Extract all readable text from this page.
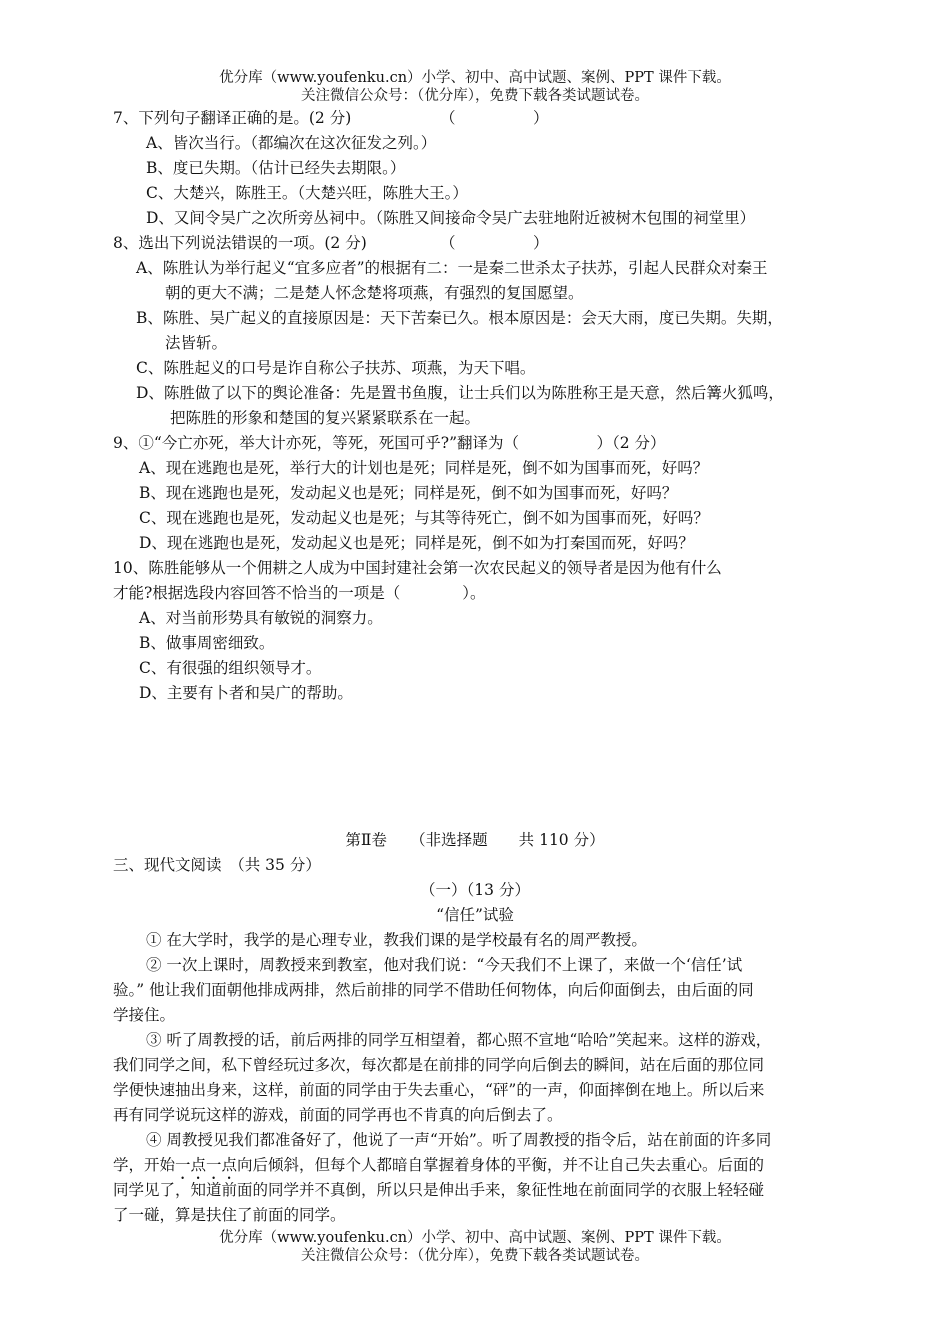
优分库（www.youfenku.cn）小学、初中、高中试题、案例、PPT 课件下载。
关注微信公众号：（优分库），免费下载各类试题试卷。
7、下列句子翻译正确的是。(2 分)	（　　　　　）
A、皆次当行。（都编次在这次征发之列。）
B、度已失期。（估计已经失去期限。）
C、大楚兴，陈胜王。（大楚兴旺，陈胜大王。）
D、又间令吴广之次所旁丛祠中。（陈胜又间接命令吴广去驻地附近被树木包围的祠堂里）
8、选出下列说法错误的一项。(2 分)	（　　　　　）
A、陈胜认为举行起义“宜多应者”的根据有二：一是秦二世杀太子扶苏，引起人民群众对秦王
朝的更大不满；二是楚人怀念楚将项燕，有强烈的复国愿望。
B、陈胜、吴广起义的直接原因是：天下苦秦已久。根本原因是：会天大雨，度已失期。失期，
法皆斩。
C、陈胜起义的口号是诈自称公子扶苏、项燕，为天下唱。
D、陈胜做了以下的舆论准备：先是置书鱼腹，让士兵们以为陈胜称王是天意，然后篝火狐鸣，
把陈胜的形象和楚国的复兴紧紧联系在一起。
9、①“今亡亦死，举大计亦死，等死，死国可乎?”翻译为（　　　　　）（2 分）
A、现在逃跑也是死，举行大的计划也是死；同样是死，倒不如为国事而死，好吗？
B、现在逃跑也是死，发动起义也是死；同样是死，倒不如为国事而死，好吗？
C、现在逃跑也是死，发动起义也是死；与其等待死亡，倒不如为国事而死，好吗？
D、现在逃跑也是死，发动起义也是死；同样是死，倒不如为打秦国而死，好吗？
10、陈胜能够从一个佣耕之人成为中国封建社会第一次农民起义的领导者是因为他有什么
才能?根据选段内容回答不恰当的一项是（　　　　）。
A、对当前形势具有敏锐的洞察力。
B、做事周密细致。
C、有很强的组织领导才。
D、主要有卜者和吴广的帮助。
第Ⅱ卷　　（非选择题　　共 110 分）
三、现代文阅读　（共 35 分）
（一）（13 分）
“信任”试验
① 在大学时，我学的是心理专业，教我们课的是学校最有名的周严教授。
② 一次上课时，周教授来到教室，他对我们说：“今天我们不上课了，来做一个‘信任’试
验。” 他让我们面朝他排成两排，然后前排的同学不借助任何物体，向后仰面倒去，由后面的同
学接住。
③ 听了周教授的话，前后两排的同学互相望着，都心照不宣地“哈哈”笑起来。这样的游戏，
我们同学之间，私下曾经玩过多次，每次都是在前排的同学向后倒去的瞬间，站在后面的那位同
学便快速抽出身来，这样，前面的同学由于失去重心，“砰”的一声，仰面摔倒在地上。所以后来
再有同学说玩这样的游戏，前面的同学再也不肯真的向后倒去了。
④ 周教授见我们都准备好了，他说了一声“开始”。听了周教授的指令后，站在前面的许多同
学，开始一点一点向后倾斜，但每个人都暗自掌握着身体的平衡，并不让自己失去重心。后面的
同学见了，知道前面的同学并不真倒，所以只是伸出手来，象征性地在前面同学的衣服上轻轻碰
了一碰，算是扶住了前面的同学。
优分库（www.youfenku.cn）小学、初中、高中试题、案例、PPT 课件下载。
关注微信公众号：（优分库），免费下载各类试题试卷。
